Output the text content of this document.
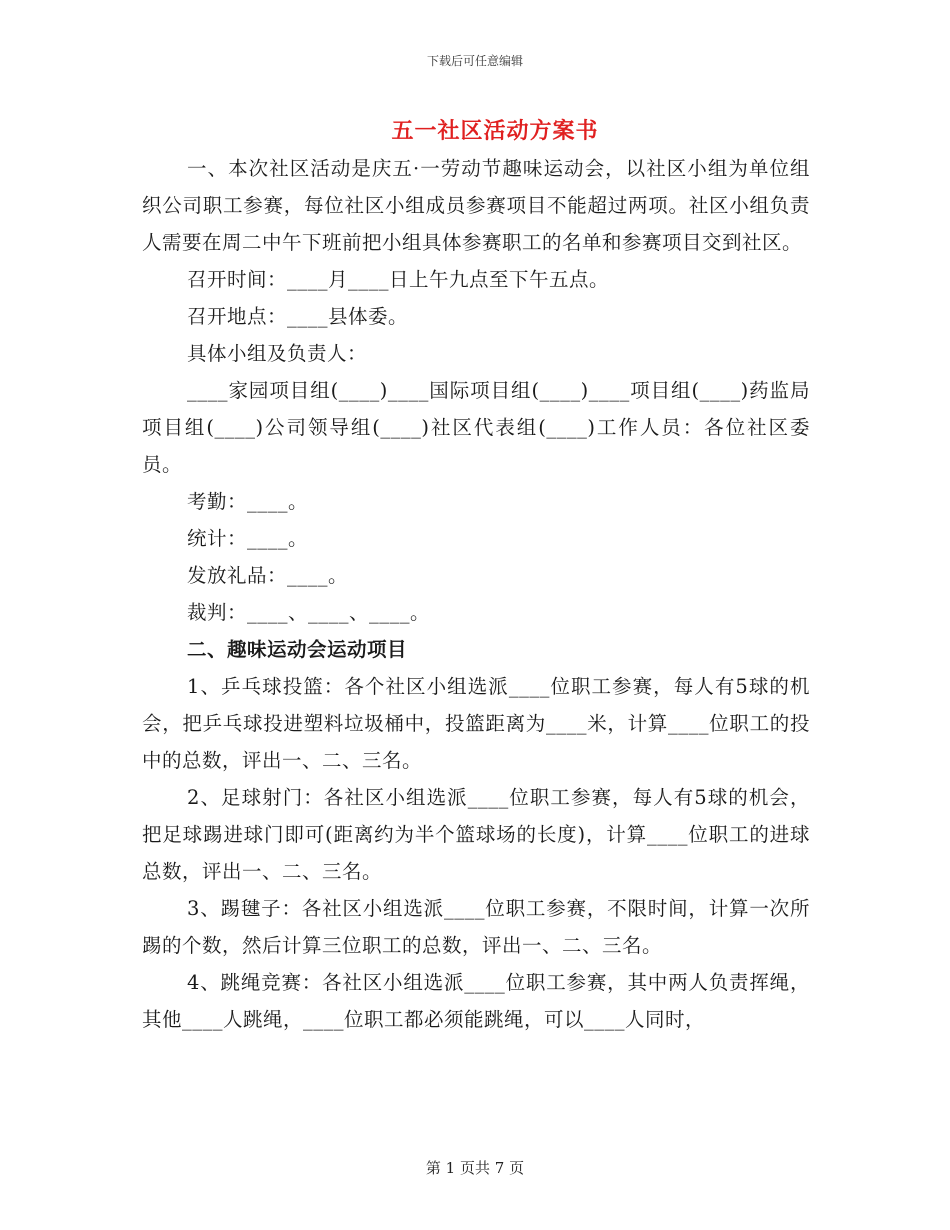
下载后可任意编辑
五一社区活动方案书

一、本次社区活动是庆五·一劳动节趣味运动会，以社区小组为单位组织公司职工参赛，每位社区小组成员参赛项目不能超过两项。社区小组负责人需要在周二中午下班前把小组具体参赛职工的名单和参赛项目交到社区。

召开时间：____月____日上午九点至下午五点。

召开地点：____县体委。

具体小组及负责人：

____家园项目组(____)____国际项目组(____)____项目组(____)药监局项目组(____)公司领导组(____)社区代表组(____)工作人员：各位社区委员。

考勤：____。

统计：____。

发放礼品：____。

裁判：____、____、____。

二、趣味运动会运动项目

1、乒乓球投篮：各个社区小组选派____位职工参赛，每人有5球的机会，把乒乓球投进塑料垃圾桶中，投篮距离为____米，计算____位职工的投中的总数，评出一、二、三名。

2、足球射门：各社区小组选派____位职工参赛，每人有5球的机会，把足球踢进球门即可(距离约为半个篮球场的长度)，计算____位职工的进球总数，评出一、二、三名。

3、踢毽子：各社区小组选派____位职工参赛，不限时间，计算一次所踢的个数，然后计算三位职工的总数，评出一、二、三名。

4、跳绳竞赛：各社区小组选派____位职工参赛，其中两人负责挥绳，其他____人跳绳，____位职工都必须能跳绳，可以____人同时，

第 1 页共 7 页
